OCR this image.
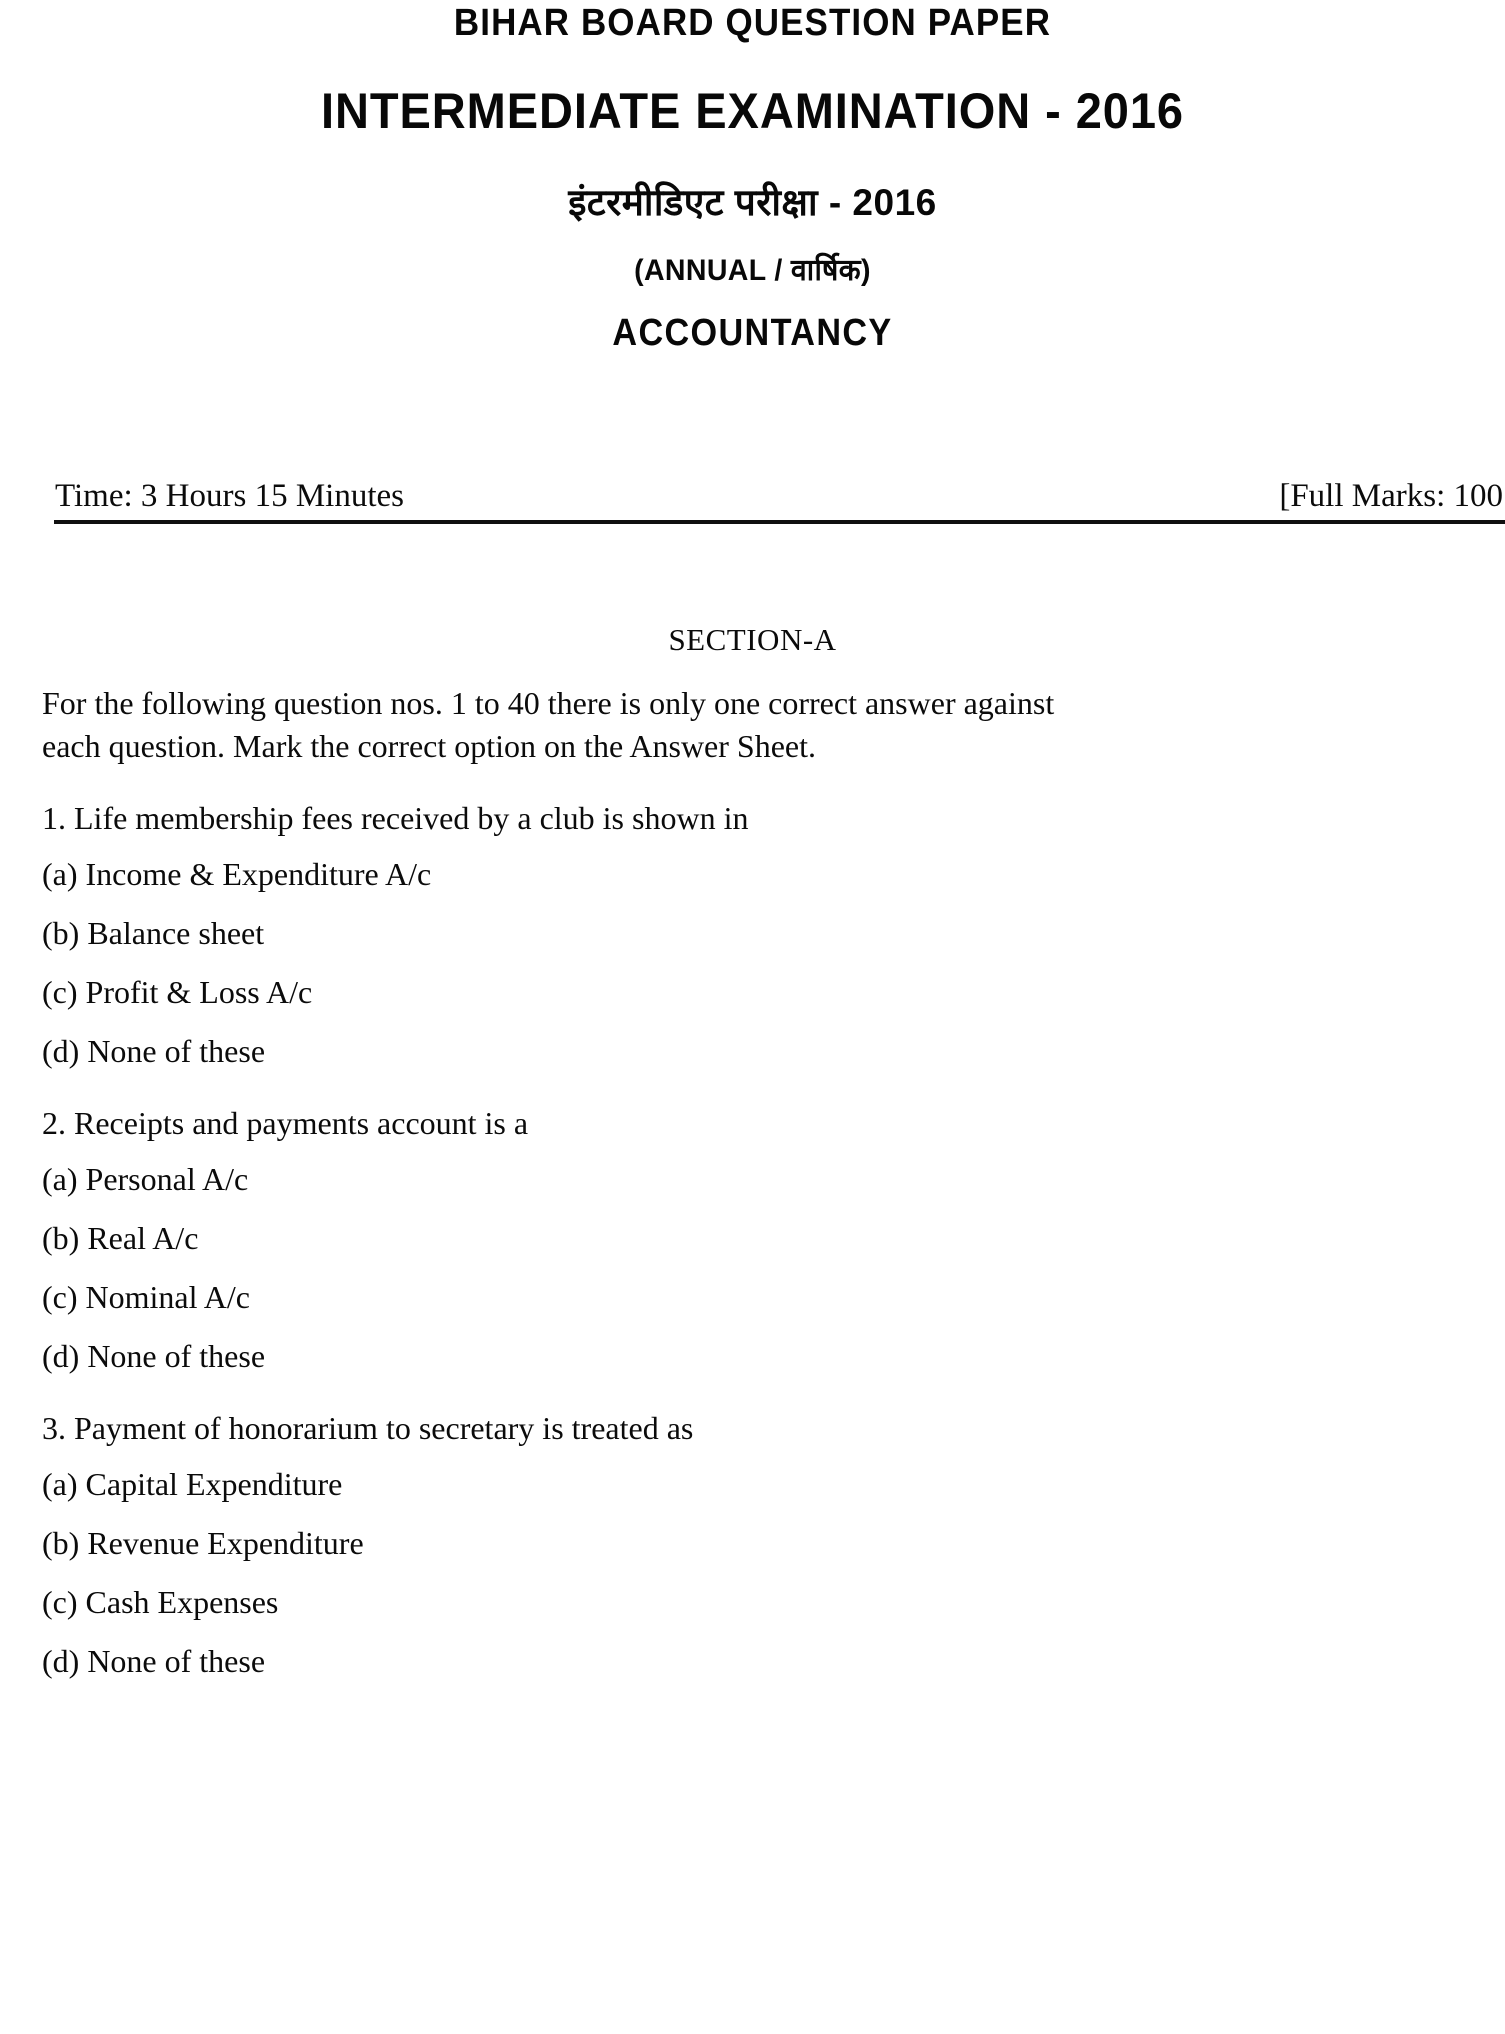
BIHAR BOARD QUESTION PAPER
INTERMEDIATE EXAMINATION - 2016
इंटरमीडिएट परीक्षा - 2016
(ANNUAL / वार्षिक)
ACCOUNTANCY
Time: 3 Hours 15 Minutes	[Full Marks: 100
SECTION-A
For the following question nos. 1 to 40 there is only one correct answer against each question. Mark the correct option on the Answer Sheet.
1. Life membership fees received by a club is shown in
(a) Income & Expenditure A/c
(b) Balance sheet
(c) Profit & Loss A/c
(d) None of these
2. Receipts and payments account is a
(a) Personal A/c
(b) Real A/c
(c) Nominal A/c
(d) None of these
3. Payment of honorarium to secretary is treated as
(a) Capital Expenditure
(b) Revenue Expenditure
(c) Cash Expenses
(d) None of these
